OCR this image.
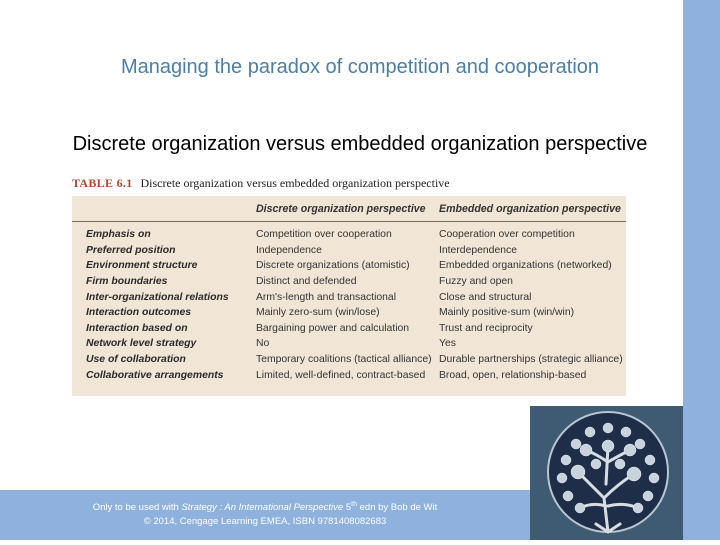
Managing the paradox of competition and cooperation
Discrete organization versus embedded organization perspective
TABLE 6.1 Discrete organization versus embedded organization perspective
	Discrete organization perspective	Embedded organization perspective
Emphasis on	Competition over cooperation	Cooperation over competition
Preferred position	Independence	Interdependence
Environment structure	Discrete organizations (atomistic)	Embedded organizations (networked)
Firm boundaries	Distinct and defended	Fuzzy and open
Inter-organizational relations	Arm's-length and transactional	Close and structural
Interaction outcomes	Mainly zero-sum (win/lose)	Mainly positive-sum (win/win)
Interaction based on	Bargaining power and calculation	Trust and reciprocity
Network level strategy	No	Yes
Use of collaboration	Temporary coalitions (tactical alliance)	Durable partnerships (strategic alliance)
Collaborative arrangements	Limited, well-defined, contract-based	Broad, open, relationship-based
Only to be used with Strategy : An International Perspective 5th edn by Bob de Wit
© 2014, Cengage Learning EMEA, ISBN 9781408082683
